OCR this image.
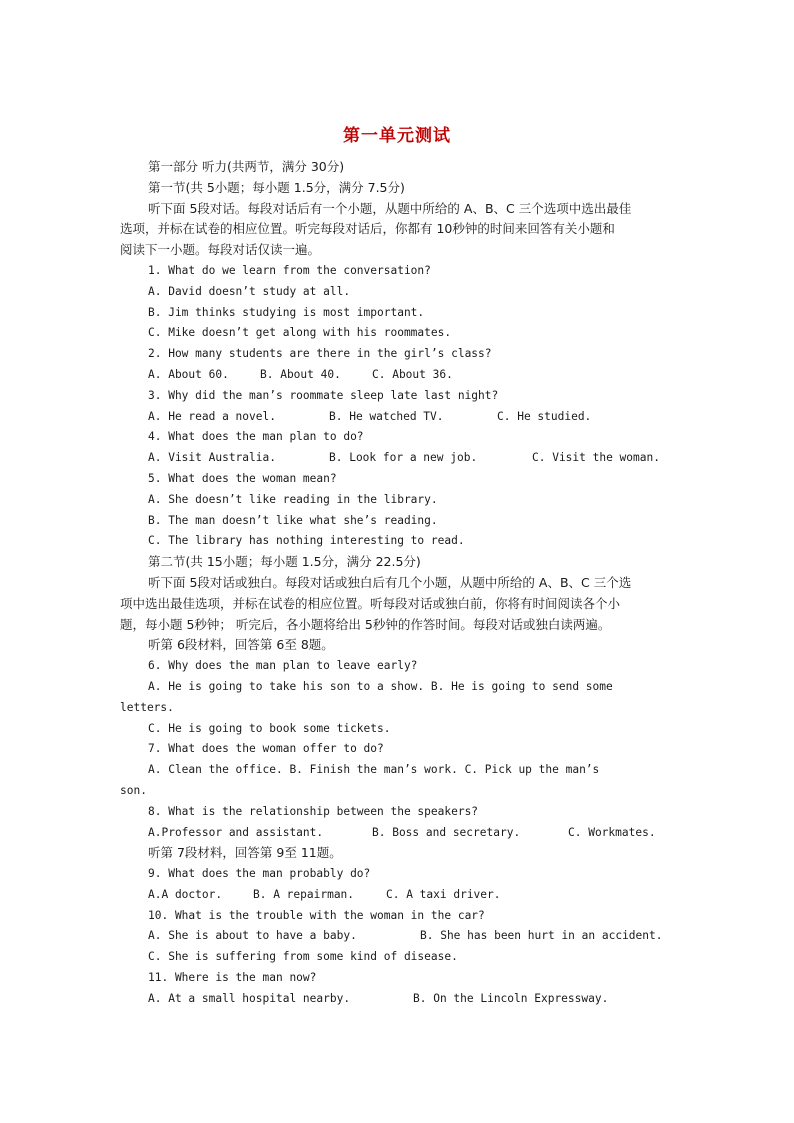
第一单元测试
第一部分 听力(共两节，满分 30分)
第一节(共 5小题；每小题 1.5分，满分 7.5分)
听下面 5段对话。每段对话后有一个小题，从题中所给的 A、B、C 三个选项中选出最佳
选项，并标在试卷的相应位置。听完每段对话后，你都有 10秒钟的时间来回答有关小题和
阅读下一小题。每段对话仅读一遍。
1. What do we learn from the conversation?
A. David doesn’t study at all.
B. Jim thinks studying is most important.
C. Mike doesn’t get along with his roommates.
2. How many students are there in the girl’s class?
A. About 60.	B. About 40.	C. About 36.
3. Why did the man’s roommate sleep late last night?
A. He read a novel.	B. He watched TV.	C. He studied.
4. What does the man plan to do?
A. Visit Australia.	B. Look for a new job.	C. Visit the woman.
5. What does the woman mean?
A. She doesn’t like reading in the library.
B. The man doesn’t like what she’s reading.
C. The library has nothing interesting to read.
第二节(共 15小题；每小题 1.5分，满分 22.5分)
听下面 5段对话或独白。每段对话或独白后有几个小题，从题中所给的 A、B、C 三个选
项中选出最佳选项，并标在试卷的相应位置。听每段对话或独白前，你将有时间阅读各个小
题，每小题 5秒钟； 听完后，各小题将给出 5秒钟的作答时间。每段对话或独白读两遍。
听第 6段材料，回答第 6至 8题。
6. Why does the man plan to leave early?
A. He is going to take his son to a show. B. He is going to send some
letters.
C. He is going to book some tickets.
7. What does the woman offer to do?
A. Clean the office. B. Finish the man’s work. C. Pick up the man’s
son.
8. What is the relationship between the speakers?
A.Professor and assistant.	B. Boss and secretary.	C. Workmates.
听第 7段材料，回答第 9至 11题。
9. What does the man probably do?
A.A doctor.	B. A repairman.	C. A taxi driver.
10. What is the trouble with the woman in the car?
A. She is about to have a baby.	B. She has been hurt in an accident.
C. She is suffering from some kind of disease.
11. Where is the man now?
A. At a small hospital nearby.	B. On the Lincoln Expressway.
